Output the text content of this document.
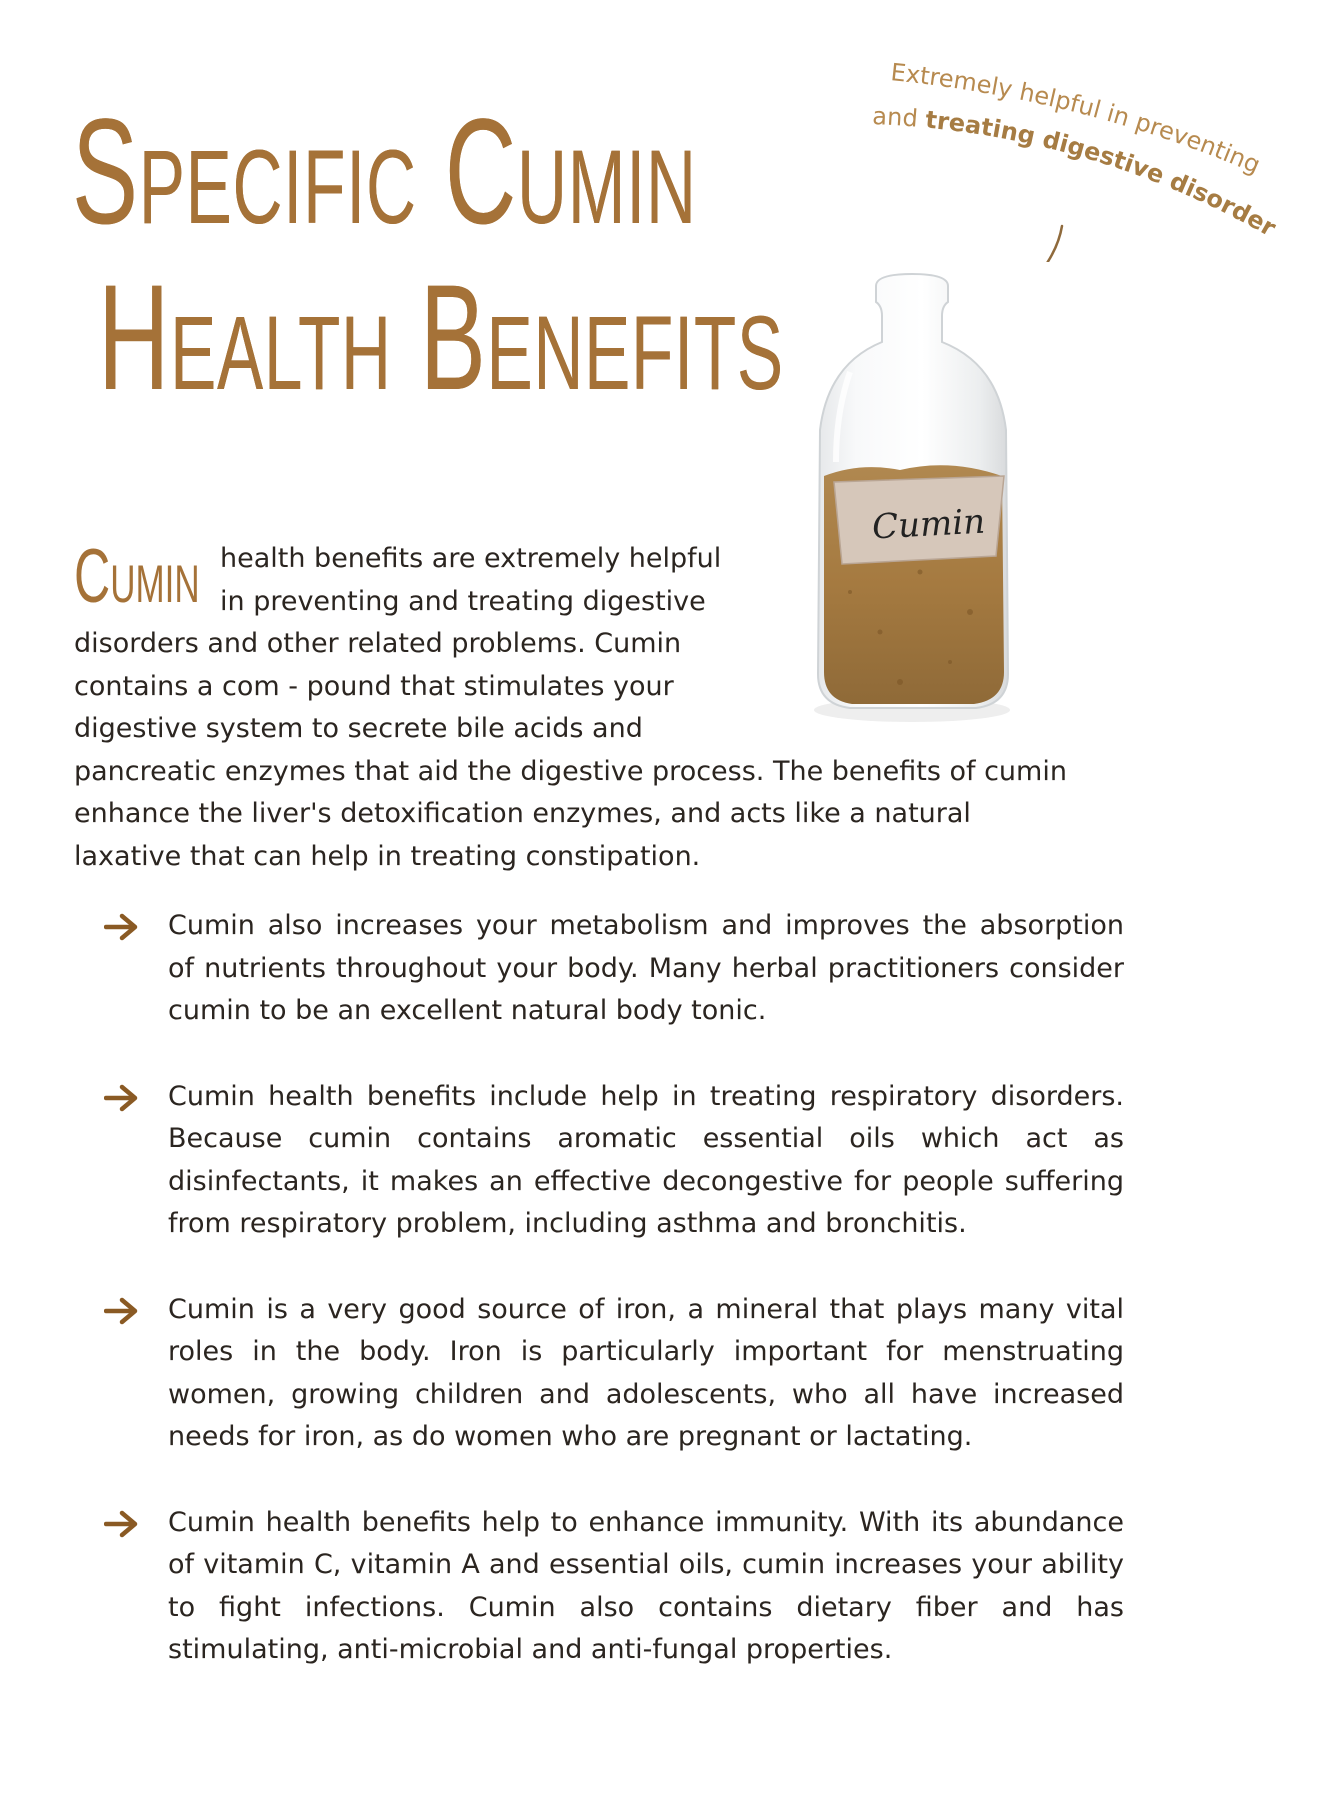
Specific Cumin
Health Benefits
Extremely helpful in preventing
and treating digestive disorder
Cumin

Cumin health benefits are extremely helpful in preventing and treating digestive disorders and other related problems. Cumin contains a com - pound that stimulates your digestive system to secrete bile acids and pancreatic enzymes that aid the digestive process. The benefits of cumin enhance the liver's detoxification enzymes, and acts like a natural laxative that can help in treating constipation.

Cumin also increases your metabolism and improves the absorption of nutrients throughout your body. Many herbal practitioners consider cumin to be an excellent natural body tonic.
Cumin health benefits include help in treating respiratory disorders. Because cumin contains aromatic essential oils which act as disinfectants, it makes an effective decongestive for people suffering from respiratory problem, including asthma and bronchitis.
Cumin is a very good source of iron, a mineral that plays many vital roles in the body. Iron is particularly important for menstruating women, growing children and adolescents, who all have increased needs for iron, as do women who are pregnant or lactating.
Cumin health benefits help to enhance immunity. With its abundance of vitamin C, vitamin A and essential oils, cumin increases your ability to fight infections. Cumin also contains dietary fiber and has stimulating, anti-microbial and anti-fungal properties.
